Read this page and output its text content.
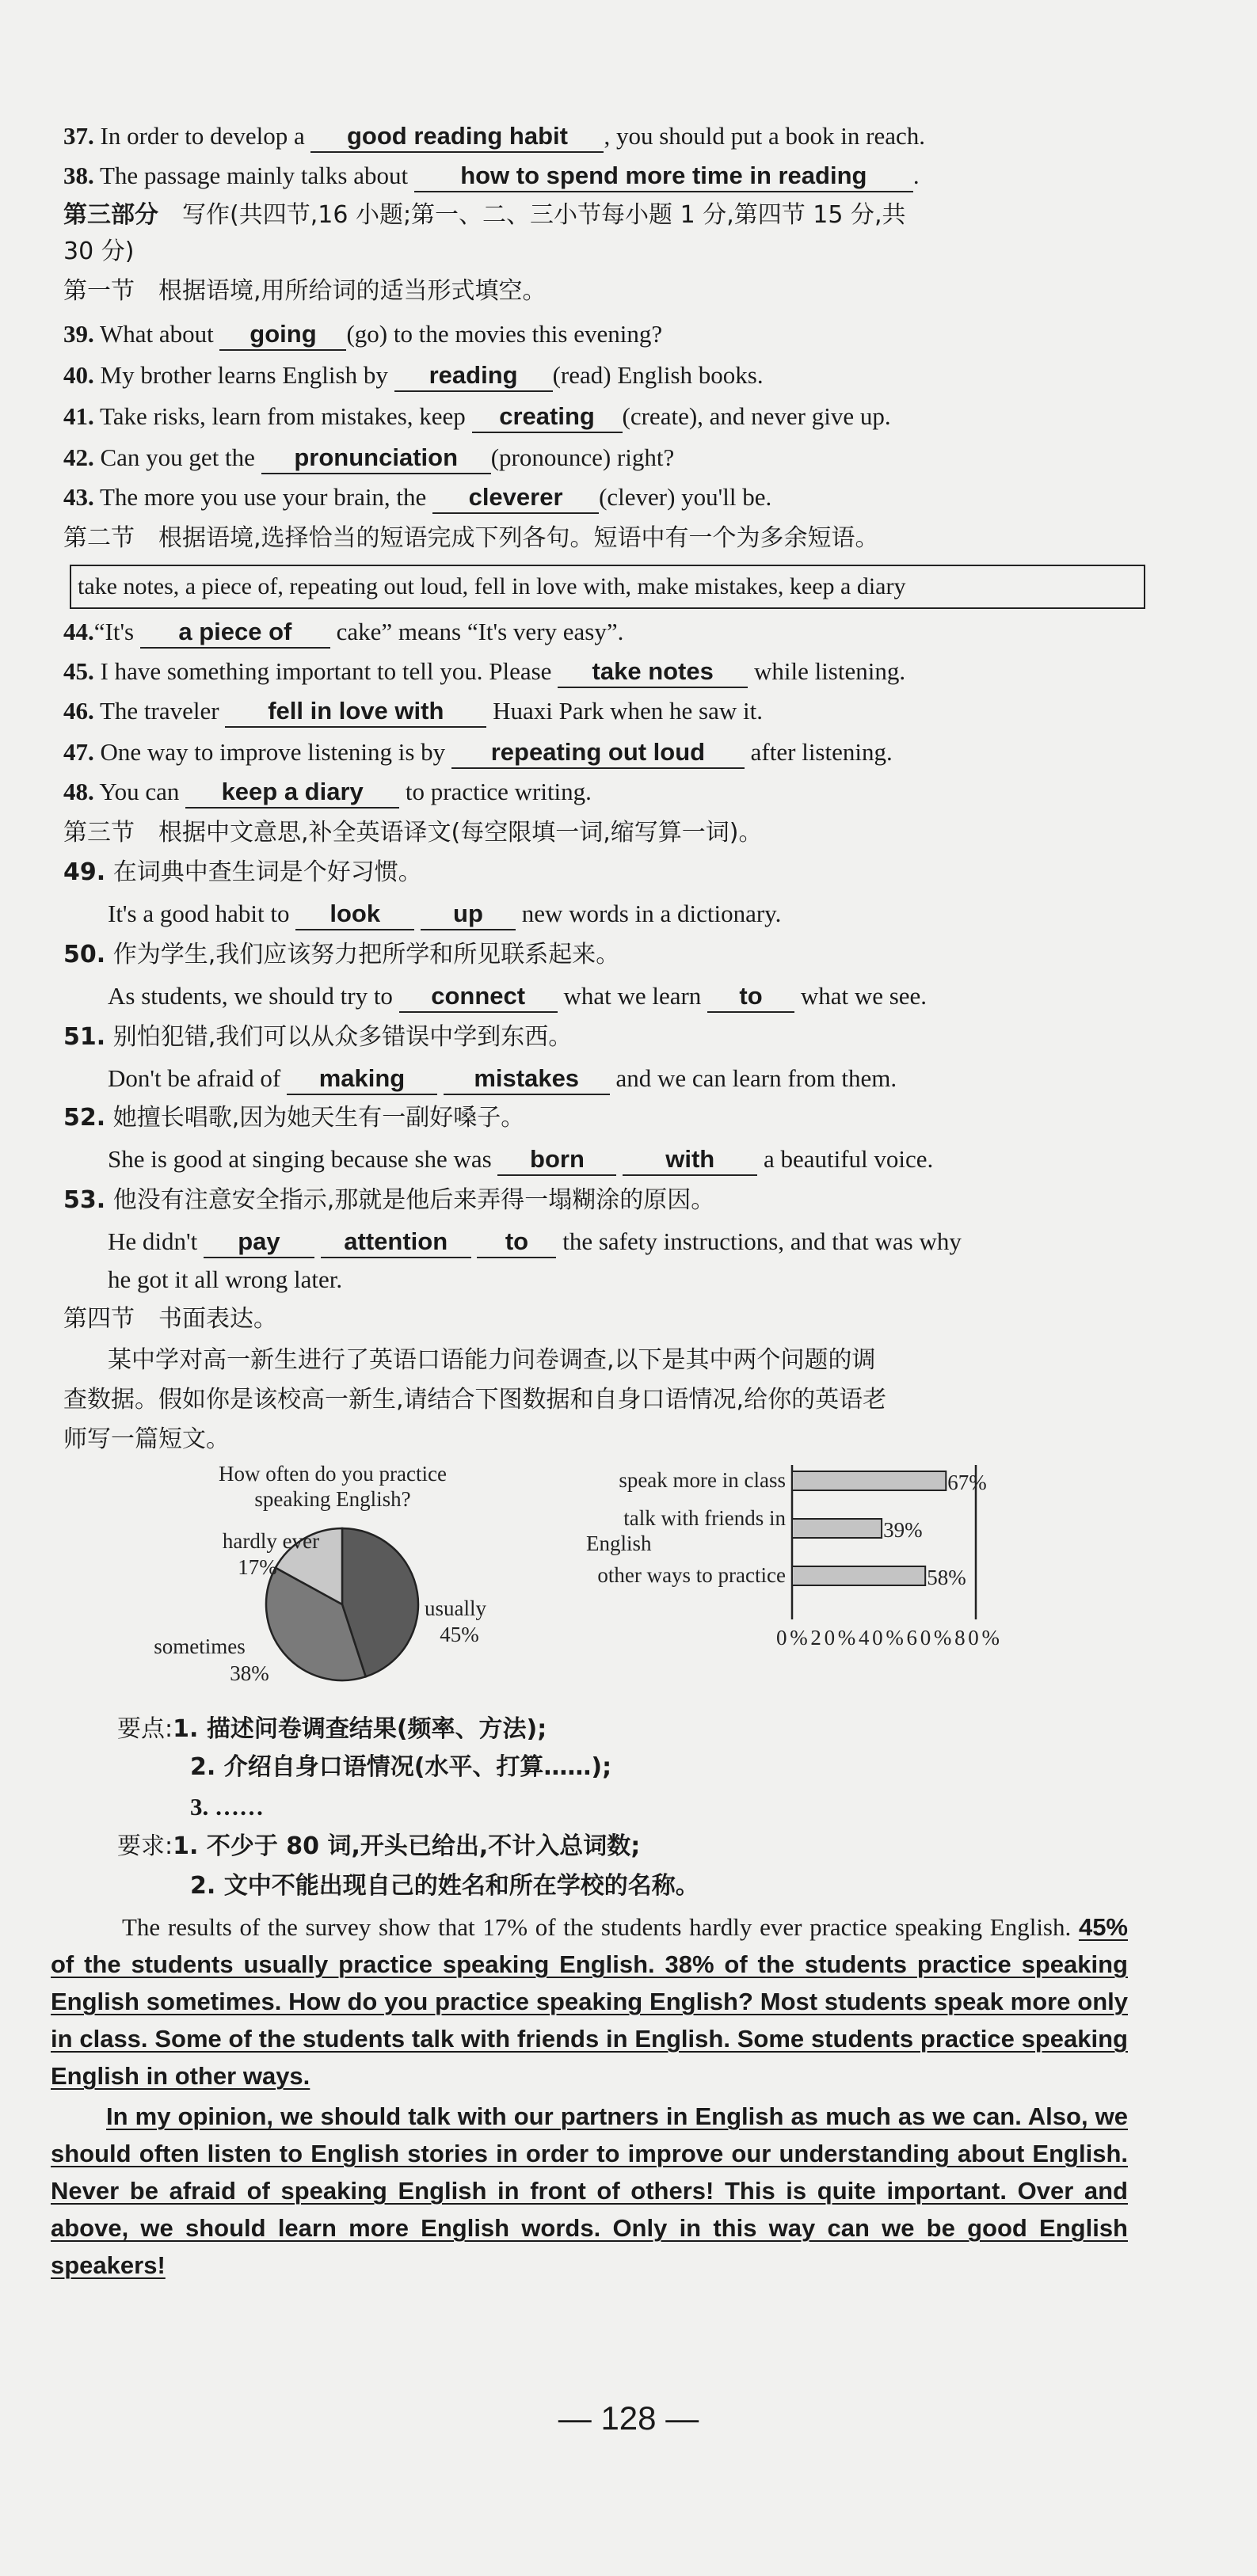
37. In order to develop a good reading habit , you should put a book in reach.
38. The passage mainly talks about how to spend more time in reading .
第三部分　 写作(共四节,16 小题;第一、二、三小节每小题 1 分,第四节 15 分,共
30 分)
第一节　根据语境,用所给词的适当形式填空。
39. What about going (go) to the movies this evening?
40. My brother learns English by reading (read) English books.
41. Take risks, learn from mistakes, keep creating (create), and never give up.
42. Can you get the pronunciation (pronounce) right?
43. The more you use your brain, the cleverer (clever) you'll be.
第二节　根据语境,选择恰当的短语完成下列各句。短语中有一个为多余短语。
take notes, a piece of, repeating out loud, fell in love with, make mistakes, keep a diary
44.“It's a piece of cake” means “It's very easy”.
45. I have something important to tell you. Please take notes while listening.
46. The traveler fell in love with Huaxi Park when he saw it.
47. One way to improve listening is by repeating out loud after listening.
48. You can keep a diary to practice writing.
第三节　根据中文意思,补全英语译文(每空限填一词,缩写算一词)。
49. 在词典中查生词是个好习惯。
It's a good habit to look	up new words in a dictionary.
50. 作为学生,我们应该努力把所学和所见联系起来。
As students, we should try to connect what we learn to what we see.
51. 别怕犯错,我们可以从众多错误中学到东西。
Don't be afraid of making	mistakes and we can learn from them.
52. 她擅长唱歌,因为她天生有一副好嗓子。
She is good at singing because she was born	with a beautiful voice.
53. 他没有注意安全指示,那就是他后来弄得一塌糊涂的原因。
He didn't pay	attention to the safety instructions, and that was why
he got it all wrong later.
第四节　书面表达。
某中学对高一新生进行了英语口语能力问卷调查,以下是其中两个问题的调
查数据。假如你是该校高一新生,请结合下图数据和自身口语情况,给你的英语老
师写一篇短文。
How often do you practice
speaking English?
hardly ever
17%
usually
45%
sometimes
38%
67%
speak more in class
39%
talk with friends in
English
58%
other ways to practice
0%20%40%60%80%
要点:1. 描述问卷调查结果(频率、方法);
2. 介绍自身口语情况(水平、打算……);
3. ……
要求:1. 不少于 80 词,开头已给出,不计入总词数;
2. 文中不能出现自己的姓名和所在学校的名称。
The results of the survey show that 17% of the students hardly ever practice speaking English. 45% of the students usually practice speaking English. 38% of the students practice speaking English sometimes. How do you practice speaking English? Most students speak more only in class. Some of the students talk with friends in English. Some students practice speaking English in other ways.
In my opinion, we should talk with our partners in English as much as we can. Also, we should often listen to English stories in order to improve our understanding about English. Never be afraid of speaking English in front of others! This is quite important. Over and above, we should learn more English words. Only in this way can we be good English speakers!
— 128 —
